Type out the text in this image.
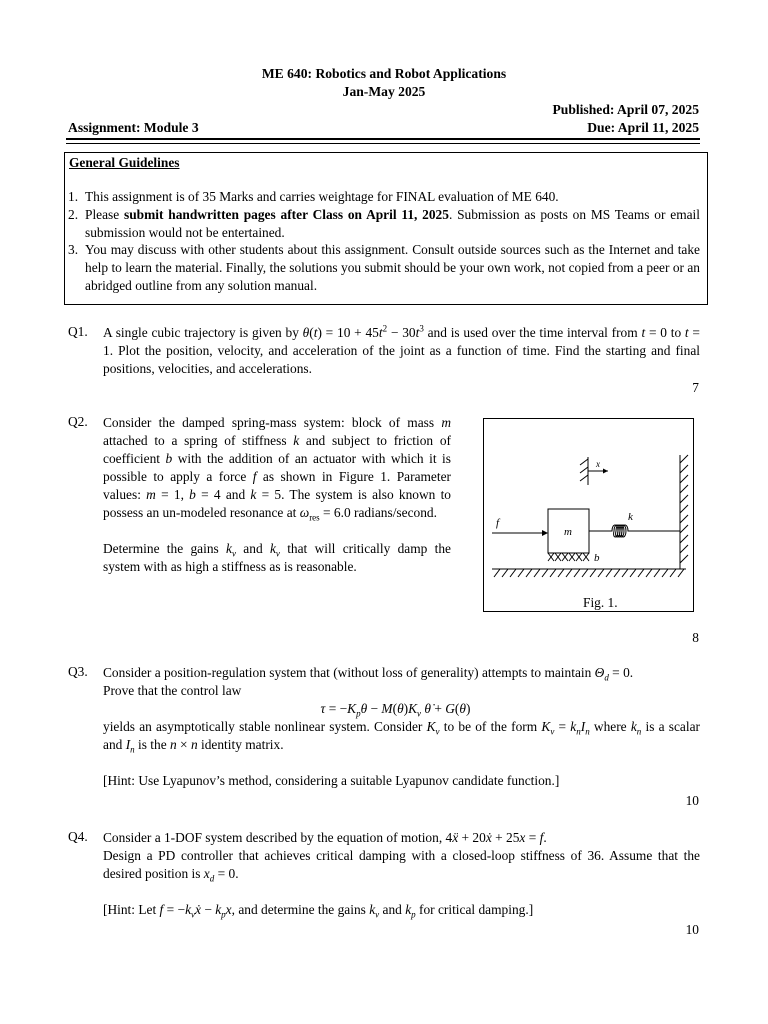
ME 640: Robotics and Robot Applications
Jan-May 2025
Published: April 07, 2025
Due: April 11, 2025
Assignment: Module 3
General Guidelines
1. This assignment is of 35 Marks and carries weightage for FINAL evaluation of ME 640.
2. Please submit handwritten pages after Class on April 11, 2025. Submission as posts on MS Teams or email submission would not be entertained.
3. You may discuss with other students about this assignment. Consult outside sources such as the Internet and take help to learn the material. Finally, the solutions you submit should be your own work, not copied from a peer or an abridged outline from any solution manual.
Q1. A single cubic trajectory is given by $\theta(t) = 10 + 45t^2 - 30t^3$ and is used over the time interval from t = 0 to t = 1. Plot the position, velocity, and acceleration of the joint as a function of time. Find the starting and final positions, velocities, and accelerations.
7
Q2. Consider the damped spring-mass system: block of mass m attached to a spring of stiffness k and subject to friction of coefficient b with the addition of an actuator with which it is possible to apply a force f as shown in Figure 1. Parameter values: m = 1, b = 4 and k = 5. The system is also known to possess an un-modeled resonance at $\omega_{res} = 6.0$ radians/second.
Determine the gains $k_v$ and $k_v$ that will critically damp the system with as high a stiffness as is reasonable.
m
k
b
f
x
Fig. 1.
8
Q3. Consider a position-regulation system that (without loss of generality) attempts to maintain $\Theta_d = 0$.
Prove that the control law
$\tau = -K_p\theta - M(\theta)K_v$ θ̇ + G(θ)
yields an asymptotically stable nonlinear system. Consider $K_v$ to be of the form $K_v = k_nI_n$ where $k_n$ is a scalar and $I_n$ is the n × n identity matrix.
[Hint: Use Lyapunov’s method, considering a suitable Lyapunov candidate function.]
10
Q4. Consider a 1-DOF system described by the equation of motion, 4ẍ + 20ẋ + 25x = f.
Design a PD controller that achieves critical damping with a closed-loop stiffness of 36. Assume that the desired position is $x_d = 0$.
[Hint: Let $f = -k_vẋ - k_px$, and determine the gains $k_v$ and $k_p$ for critical damping.]
10
